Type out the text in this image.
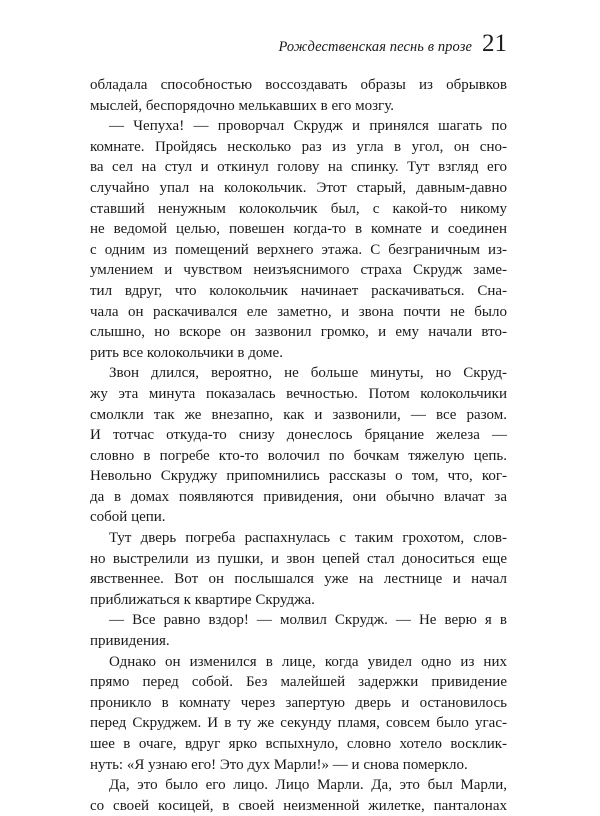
Рождественская песнь в прозе 21
обладала способностью воссоздавать образы из обрывков
мыслей, беспорядочно мелькавших в его мозгу.
— Чепуха! — проворчал Скрудж и принялся шагать по
комнате. Пройдясь несколько раз из угла в угол, он сно-
ва сел на стул и откинул голову на спинку. Тут взгляд его
случайно упал на колокольчик. Этот старый, давным-давно
ставший ненужным колокольчик был, с какой-то никому
не ведомой целью, повешен когда-то в комнате и соединен
с одним из помещений верхнего этажа. С безграничным из-
умлением и чувством неизъяснимого страха Скрудж заме-
тил вдруг, что колокольчик начинает раскачиваться. Сна-
чала он раскачивался еле заметно, и звона почти не было
слышно, но вскоре он зазвонил громко, и ему начали вто-
рить все колокольчики в доме.
Звон длился, вероятно, не больше минуты, но Скруд-
жу эта минута показалась вечностью. Потом колокольчики
смолкли так же внезапно, как и зазвонили, — все разом.
И тотчас откуда-то снизу донеслось бряцание железа —
словно в погребе кто-то волочил по бочкам тяжелую цепь.
Невольно Скруджу припомнились рассказы о том, что, ког-
да в домах появляются привидения, они обычно влачат за
собой цепи.
Тут дверь погреба распахнулась с таким грохотом, слов-
но выстрелили из пушки, и звон цепей стал доноситься еще
явственнее. Вот он послышался уже на лестнице и начал
приближаться к квартире Скруджа.
— Все равно вздор! — молвил Скрудж. — Не верю я в
привидения.
Однако он изменился в лице, когда увидел одно из них
прямо перед собой. Без малейшей задержки привидение
проникло в комнату через запертую дверь и остановилось
перед Скруджем. И в ту же секунду пламя, совсем было угас-
шее в очаге, вдруг ярко вспыхнуло, словно хотело восклик-
нуть: «Я узнаю его! Это дух Марли!» — и снова померкло.
Да, это было его лицо. Лицо Марли. Да, это был Марли,
со своей косицей, в своей неизменной жилетке, панталонах
